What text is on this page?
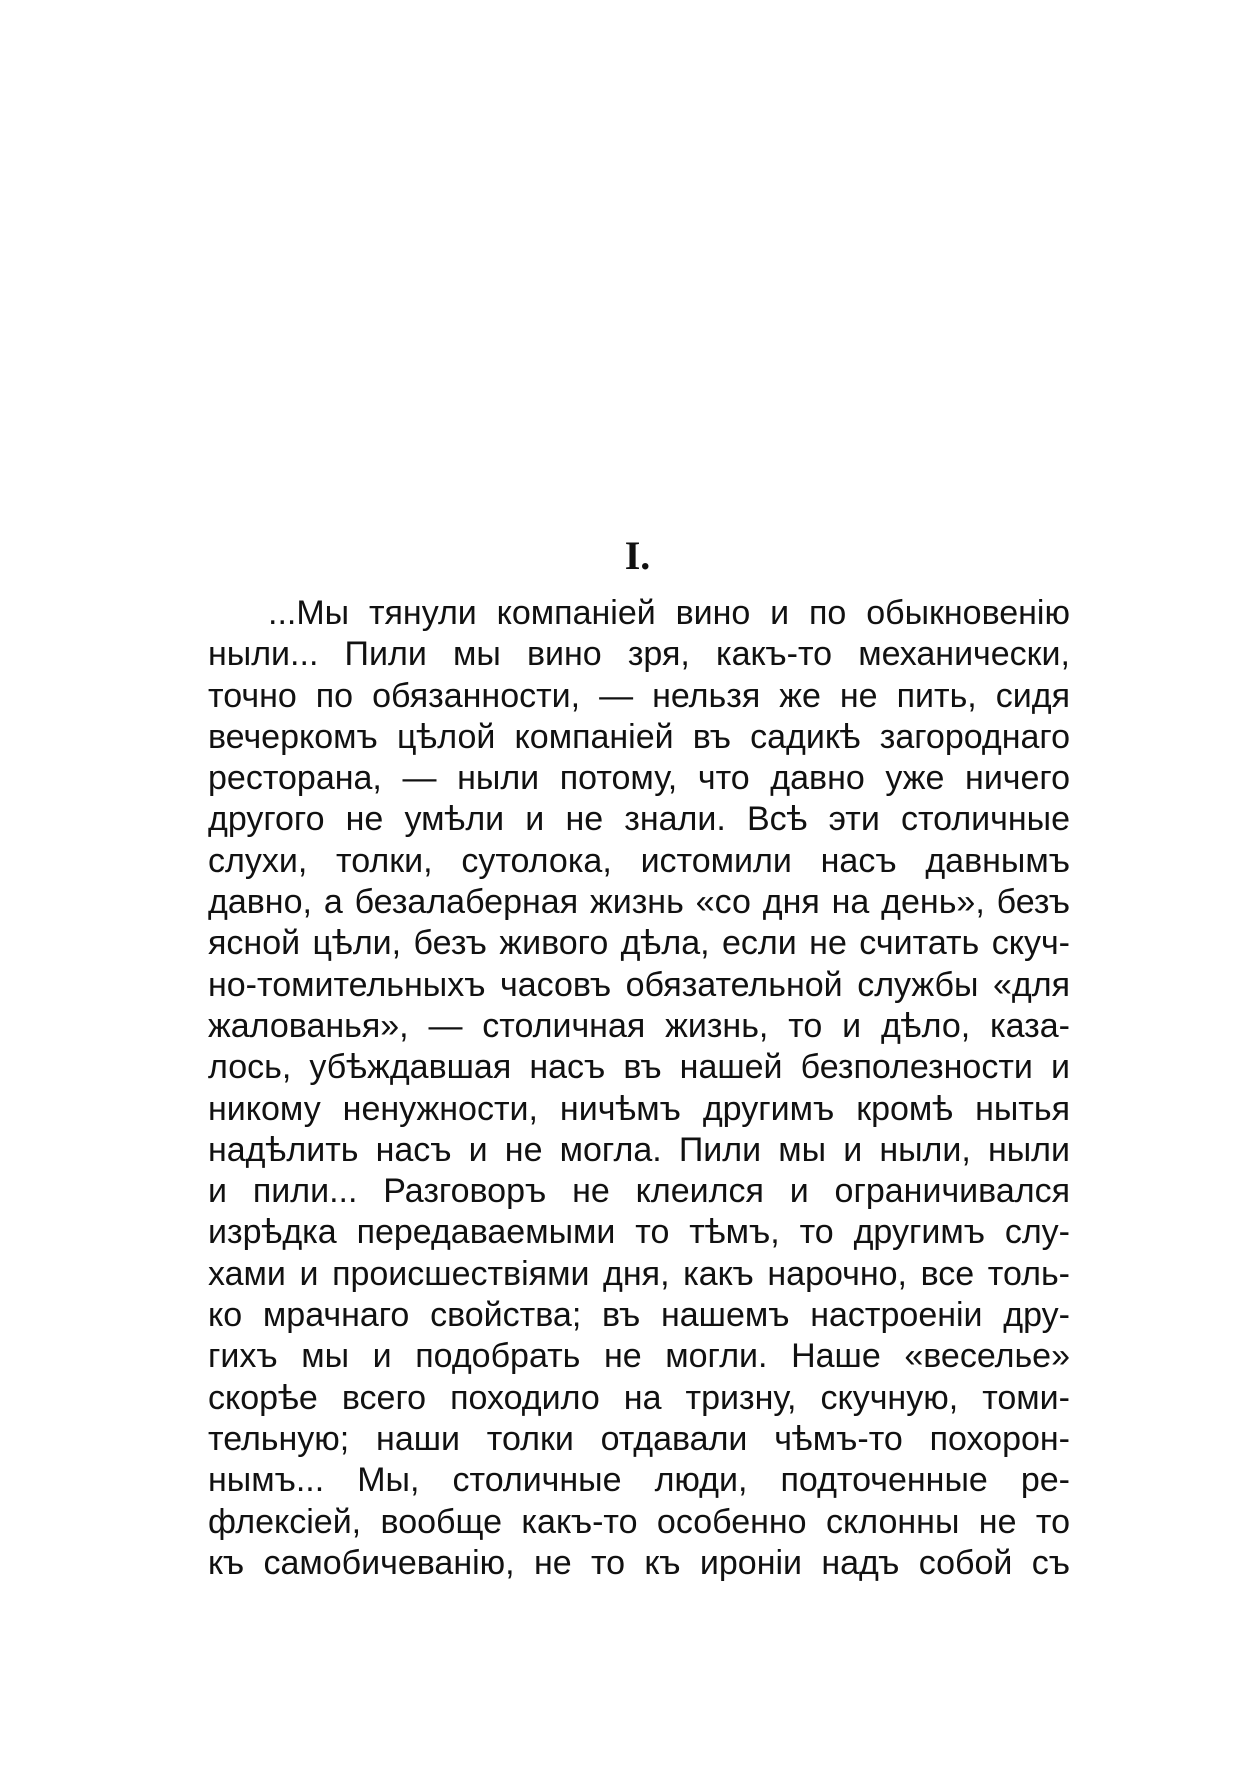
I.
...Мы тянули компанiей вино и по обыкновенiю
ныли... Пили мы вино зря, какъ-то механически,
точно по обязанности, — нельзя же не пить, сидя
вечеркомъ цѣлой компанiей въ садикѣ загороднаго
ресторана, — ныли потому, что давно уже ничего
другого не умѣли и не знали. Всѣ эти столичные
слухи, толки, сутолока, истомили насъ давнымъ
давно, а безалаберная жизнь «со дня на день», безъ
ясной цѣли, безъ живого дѣла, если не считать скуч-
но-томительныхъ часовъ обязательной службы «для
жалованья», — столичная жизнь, то и дѣло, каза-
лось, убѣждавшая насъ въ нашей безполезности и
никому ненужности, ничѣмъ другимъ кромѣ нытья
надѣлить насъ и не могла. Пили мы и ныли, ныли
и пили... Разговоръ не клеился и ограничивался
изрѣдка передаваемыми то тѣмъ, то другимъ слу-
хами и происшествiями дня, какъ нарочно, все толь-
ко мрачнаго свойства; въ нашемъ настроенiи дру-
гихъ мы и подобрать не могли. Наше «веселье»
скорѣе всего походило на тризну, скучную, томи-
тельную; наши толки отдавали чѣмъ-то похорон-
нымъ... Мы, столичные люди, подточенные ре-
флексiей, вообще какъ-то особенно склонны не то
къ самобичеванiю, не то къ иронiи надъ собой съ
